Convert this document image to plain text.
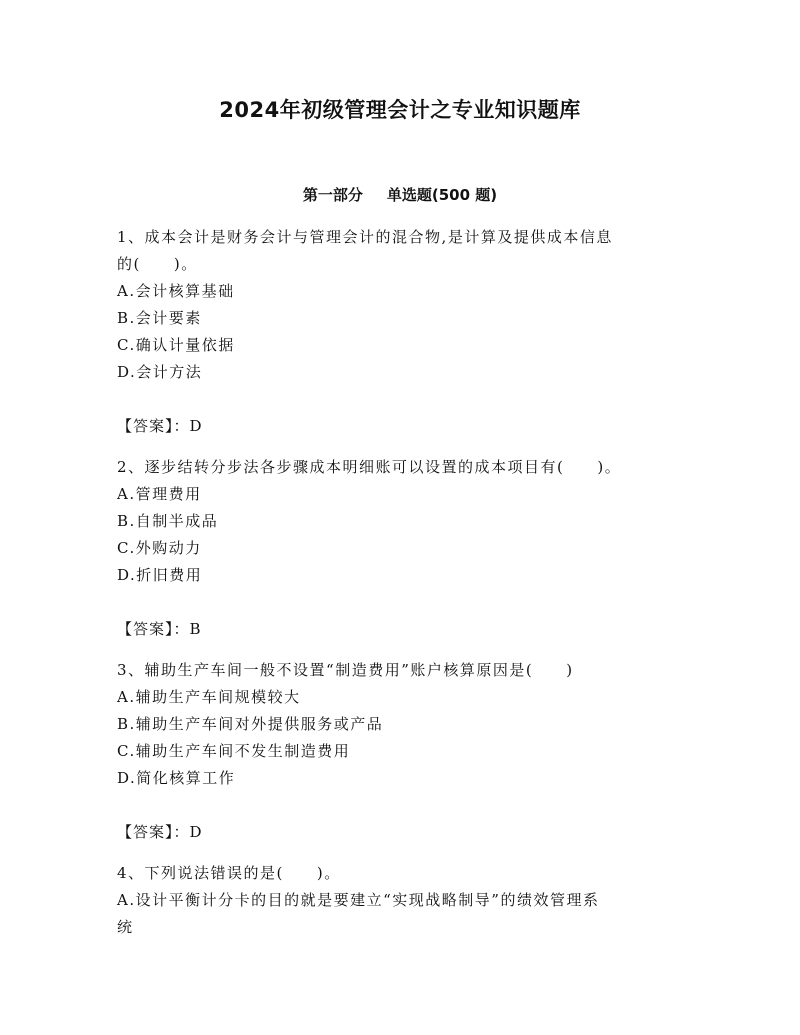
2024年初级管理会计之专业知识题库
第一部分 单选题(500 题)
1、成本会计是财务会计与管理会计的混合物,是计算及提供成本信息
的(　　)。
A.会计核算基础
B.会计要素
C.确认计量依据
D.会计方法
【答案】：D
2、逐步结转分步法各步骤成本明细账可以设置的成本项目有(　　)。
A.管理费用
B.自制半成品
C.外购动力
D.折旧费用
【答案】：B
3、辅助生产车间一般不设置“制造费用”账户核算原因是(　　)
A.辅助生产车间规模较大
B.辅助生产车间对外提供服务或产品
C.辅助生产车间不发生制造费用
D.简化核算工作
【答案】：D
4、下列说法错误的是(　　)。
A.设计平衡计分卡的目的就是要建立“实现战略制导”的绩效管理系
统
